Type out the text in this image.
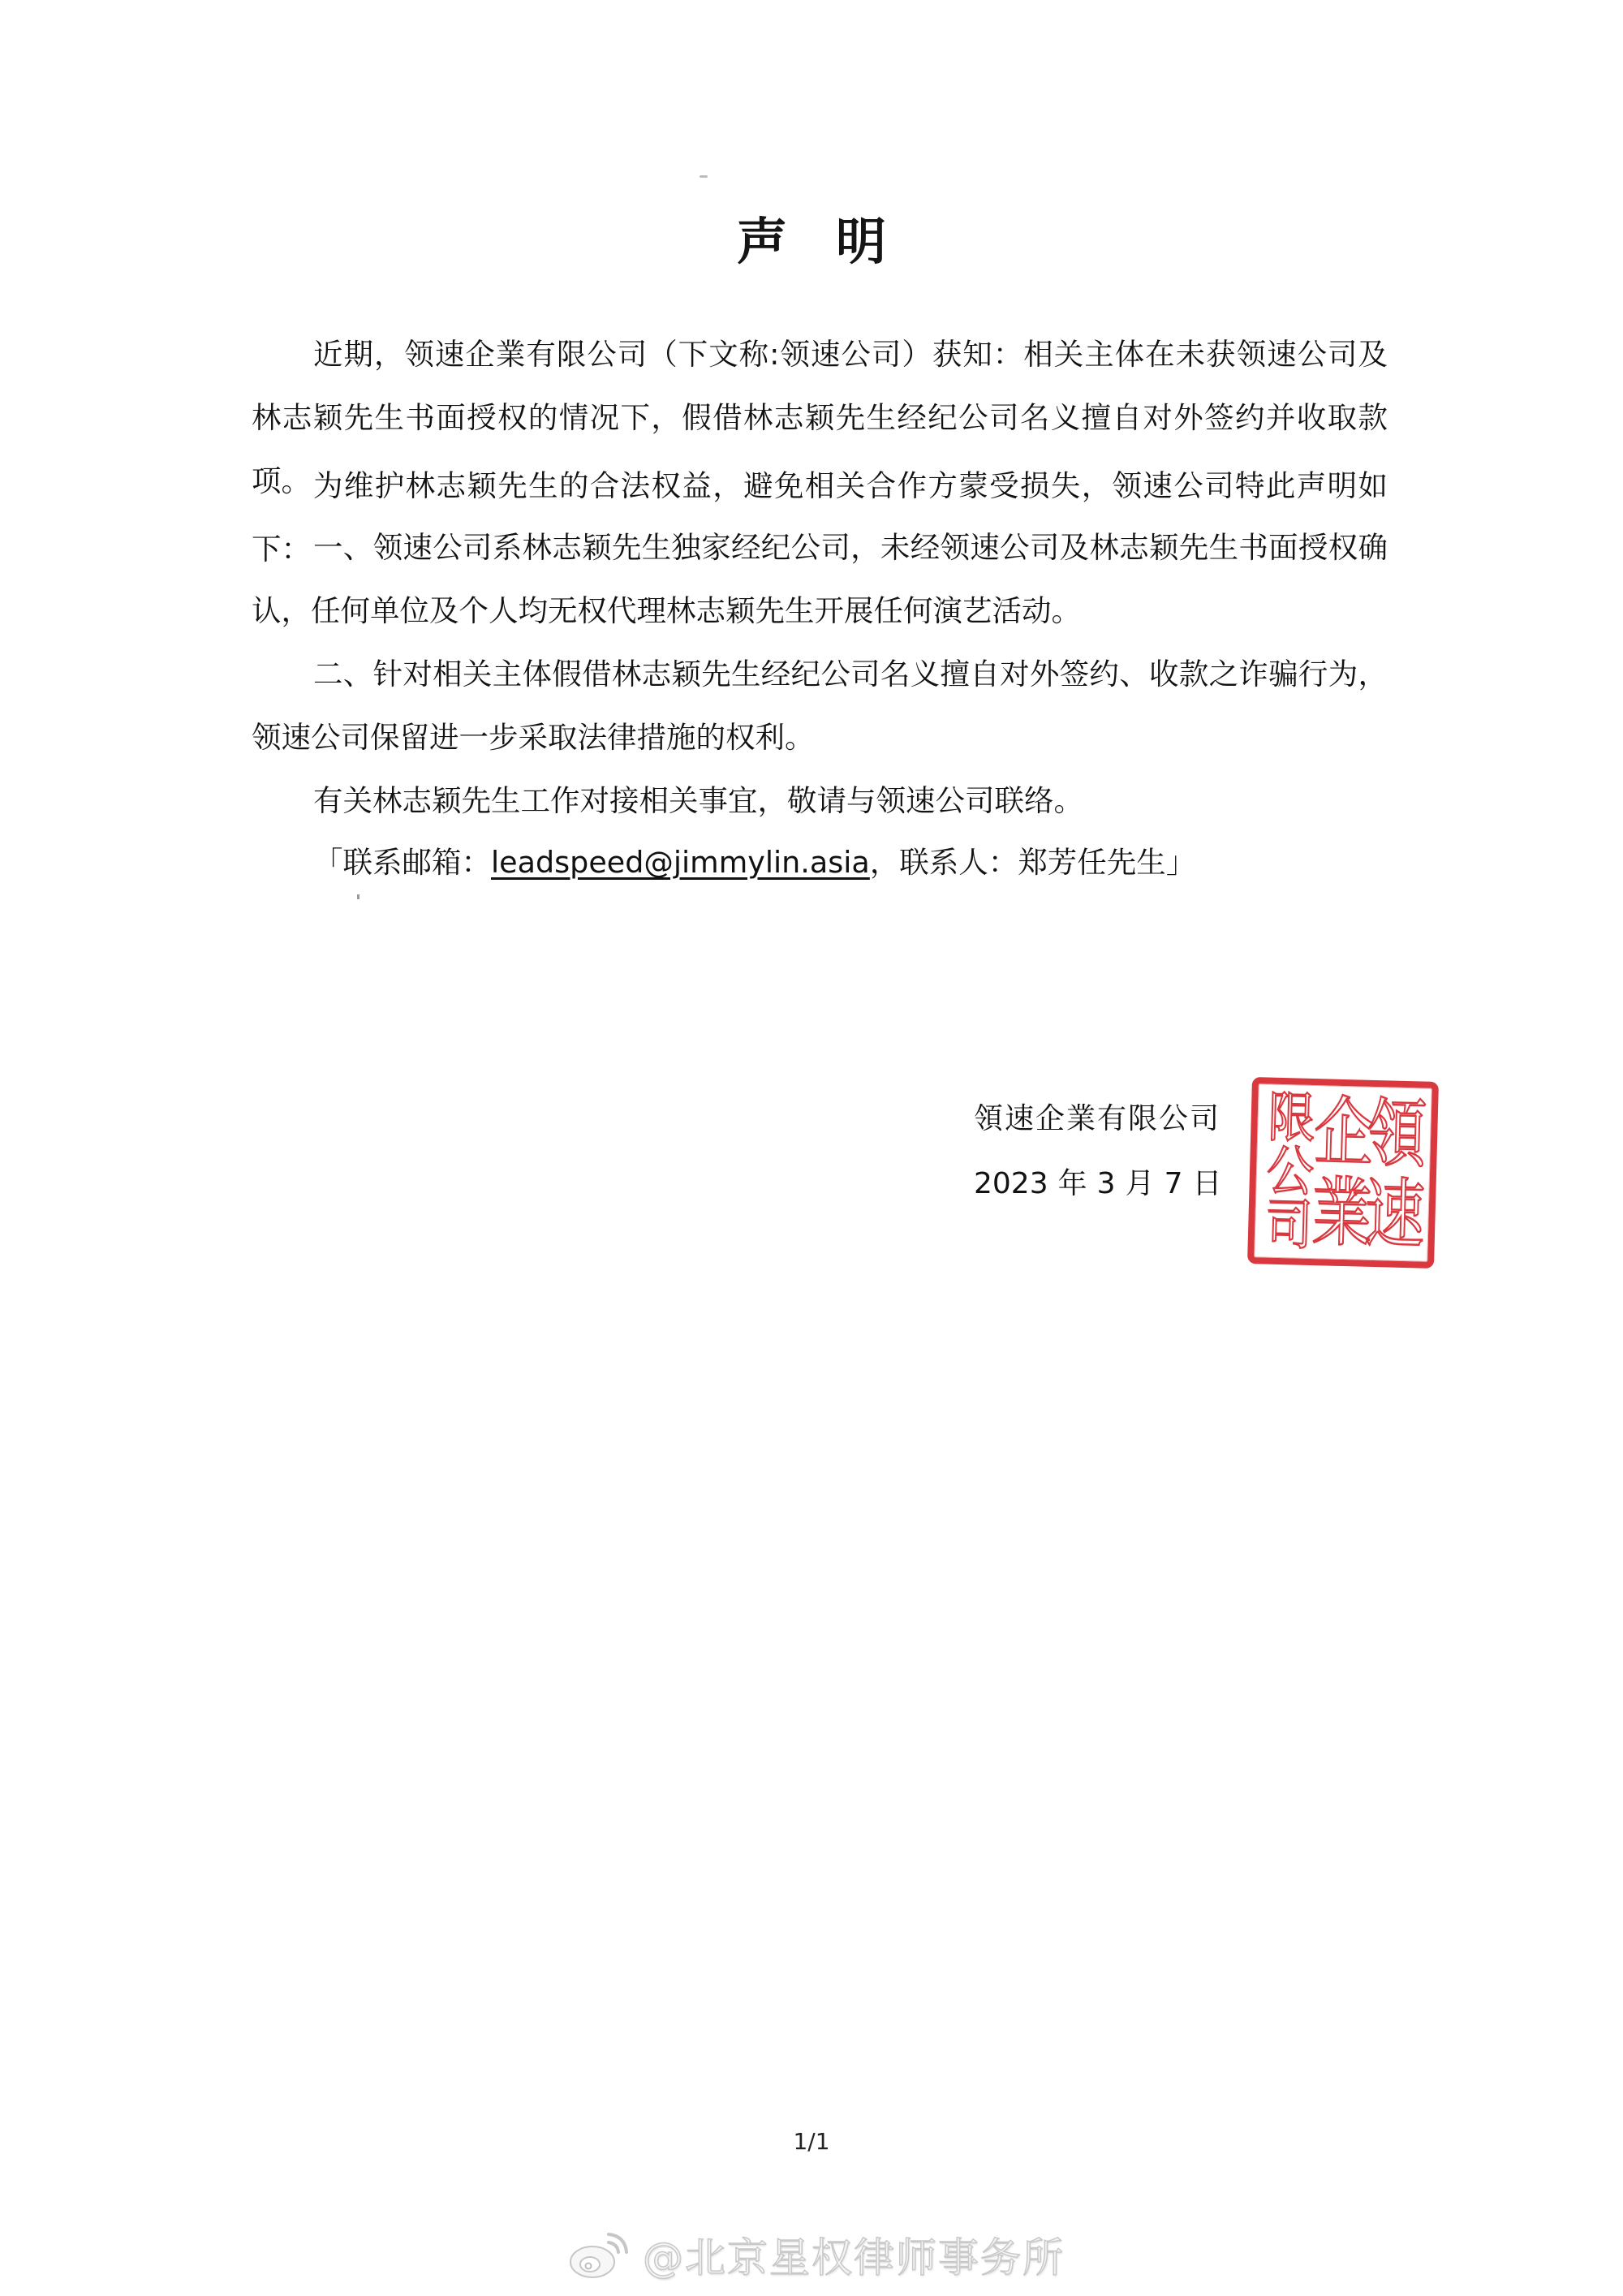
声明
近期，领速企業有限公司（下文称:领速公司）获知：相关主体在未获领速公司及林志颖先生书面授权的情况下，假借林志颖先生经纪公司名义擅自对外签约并收取款项。 为维护林志颖先生的合法权益，避免相关合作方蒙受损失，领速公司特此声明如下： 一、领速公司系林志颖先生独家经纪公司，未经领速公司及林志颖先生书面授权确认，任何单位及个人均无权代理林志颖先生开展任何演艺活动。
二、针对相关主体假借林志颖先生经纪公司名义擅自对外签约、收款之诈骗行为，领速公司保留进一步采取法律措施的权利。
有关林志颖先生工作对接相关事宜，敬请与领速公司联络。
「联系邮箱：leadspeed@jimmylin.asia，联系人：郑芳任先生」
領速企業有限公司
2023 年 3 月 7 日
領
速
企
業
限
公
司
1/1
@北京星权律师事务所
